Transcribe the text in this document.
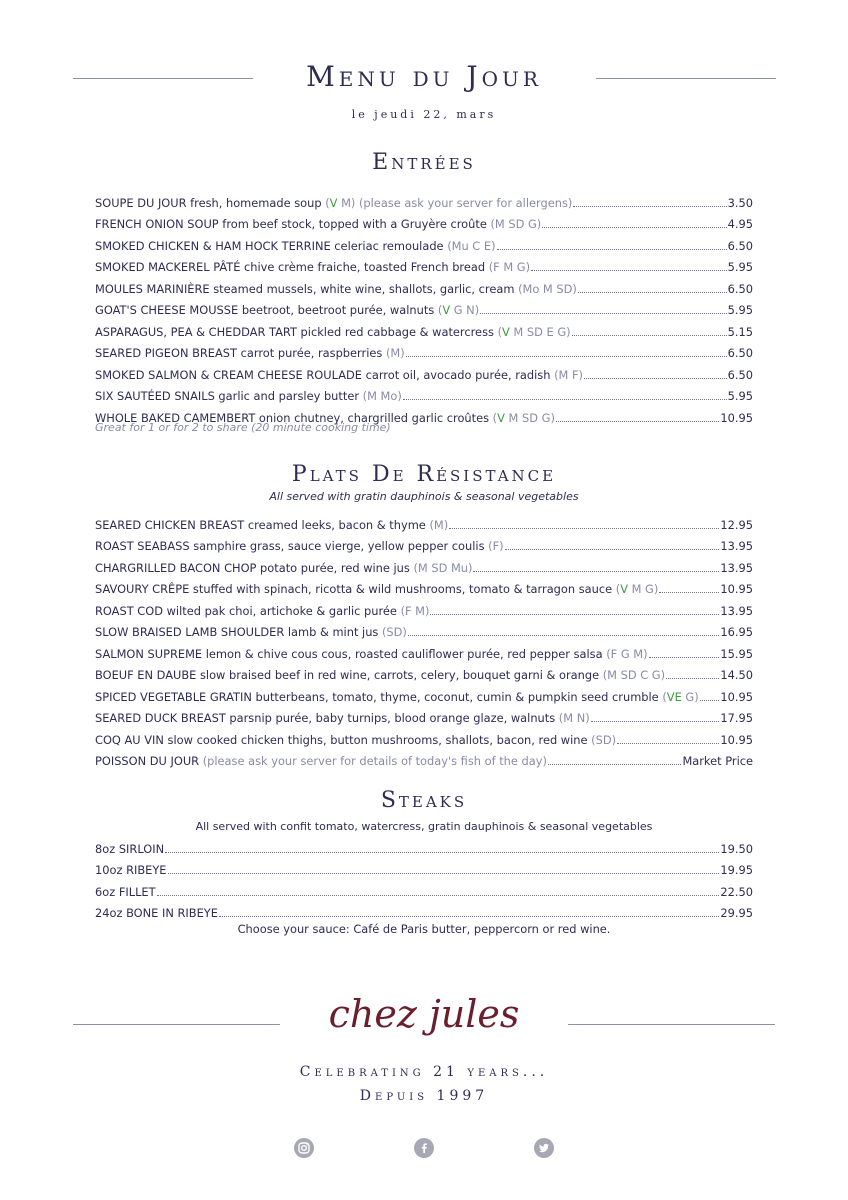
Menu du Jour
le jeudi 22, mars
Entrées
SOUPE DU JOUR fresh, homemade soup (V M) (please ask your server for allergens)	3.50
FRENCH ONION SOUP from beef stock, topped with a Gruyère croûte (M SD G)	4.95
SMOKED CHICKEN & HAM HOCK TERRINE celeriac remoulade (Mu C E)	6.50
SMOKED MACKEREL PÂTÉ chive crème fraiche, toasted French bread (F M G)	5.95
MOULES MARINIÈRE steamed mussels, white wine, shallots, garlic, cream (Mo M SD)	6.50
GOAT'S CHEESE MOUSSE beetroot, beetroot purée, walnuts (V G N)	5.95
ASPARAGUS, PEA & CHEDDAR TART pickled red cabbage & watercress (V M SD E G)	5.15
SEARED PIGEON BREAST carrot purée, raspberries (M)	6.50
SMOKED SALMON & CREAM CHEESE ROULADE carrot oil, avocado purée, radish (M F)	6.50
SIX SAUTÉED SNAILS garlic and parsley butter (M Mo)	5.95
WHOLE BAKED CAMEMBERT onion chutney, chargrilled garlic croûtes (V M SD G)	10.95
Great for 1 or for 2 to share (20 minute cooking time)
Plats De Résistance
All served with gratin dauphinois & seasonal vegetables
SEARED CHICKEN BREAST creamed leeks, bacon & thyme (M)	12.95
ROAST SEABASS samphire grass, sauce vierge, yellow pepper coulis (F)	13.95
CHARGRILLED BACON CHOP potato purée, red wine jus (M SD Mu)	13.95
SAVOURY CRÊPE stuffed with spinach, ricotta & wild mushrooms, tomato & tarragon sauce (V M G)	10.95
ROAST COD wilted pak choi, artichoke & garlic purée (F M)	13.95
SLOW BRAISED LAMB SHOULDER lamb & mint jus (SD)	16.95
SALMON SUPREME lemon & chive cous cous, roasted cauliflower purée, red pepper salsa (F G M)	15.95
BOEUF EN DAUBE slow braised beef in red wine, carrots, celery, bouquet garni & orange (M SD C G)	14.50
SPICED VEGETABLE GRATIN butterbeans, tomato, thyme, coconut, cumin & pumpkin seed crumble (VE G) 10.95
SEARED DUCK BREAST parsnip purée, baby turnips, blood orange glaze, walnuts (M N)	17.95
COQ AU VIN slow cooked chicken thighs, button mushrooms, shallots, bacon, red wine (SD)	10.95
POISSON DU JOUR (please ask your server for details of today's fish of the day)	Market Price
Steaks
All served with confit tomato, watercress, gratin dauphinois & seasonal vegetables
8oz SIRLOIN	19.50
10oz RIBEYE	19.95
6oz FILLET	22.50
24oz BONE IN RIBEYE	29.95
Choose your sauce: Café de Paris butter, peppercorn or red wine.
chez jules
Celebrating 21 years...
Depuis 1997
